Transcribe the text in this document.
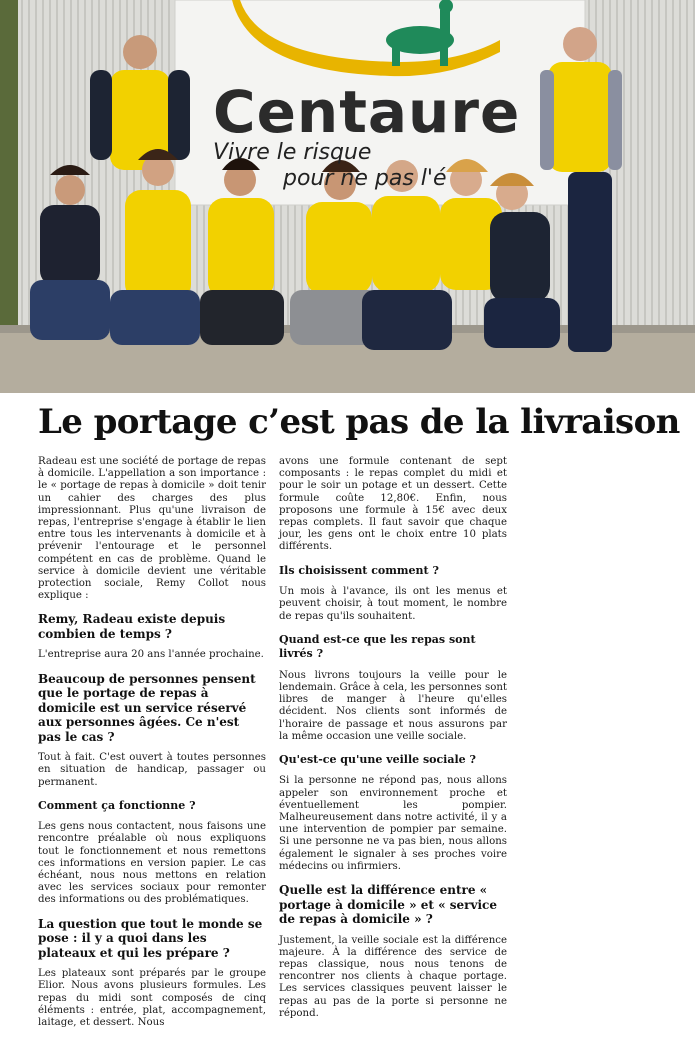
Centaure
Vivre le risque
pour ne pas l'é
Le portage c’est pas de la livraison

Radeau est une société de portage de repas à domicile. L'appellation a son importance : le « portage de repas à domicile » doit tenir un cahier des charges des plus impressionnant. Plus qu'une livraison de repas, l'entreprise s'engage à établir le lien entre tous les intervenants à domicile et à prévenir l'entourage et le personnel compétent en cas de problème. Quand le service à domicile devient une véritable protection sociale, Remy Collot nous explique :

Remy, Radeau existe depuis combien de temps ?

L'entreprise aura 20 ans l'année prochaine.

Beaucoup de personnes pensent que le portage de repas à domicile est un service réservé aux personnes âgées. Ce n'est pas le cas ?

Tout à fait. C'est ouvert à toutes personnes en situation de handicap, passager ou permanent.

Comment ça fonctionne ?

Les gens nous contactent, nous faisons une rencontre préalable où nous expliquons tout le fonctionnement et nous remettons ces informations en version papier. Le cas échéant, nous nous mettons en relation avec les services sociaux pour remonter des informations ou des problématiques.

La question que tout le monde se pose : il y a quoi dans les plateaux et qui les prépare ?

Les plateaux sont préparés par le groupe Elior. Nous avons plusieurs formules. Les repas du midi sont composés de cinq éléments : entrée, plat, accompagnement, laitage, et dessert. Nous

avons une formule contenant de sept composants : le repas complet du midi et pour le soir un potage et un dessert. Cette formule coûte 12,80€. Enfin, nous proposons une formule à 15€ avec deux repas complets. Il faut savoir que chaque jour, les gens ont le choix entre 10 plats différents.

Ils choisissent comment ?

Un mois à l'avance, ils ont les menus et peuvent choisir, à tout moment, le nombre de repas qu'ils souhaitent.

Quand est-ce que les repas sont livrés ?

Nous livrons toujours la veille pour le lendemain. Grâce à cela, les personnes sont libres de manger à l'heure qu'elles décident. Nos clients sont informés de l'horaire de passage et nous assurons par la même occasion une veille sociale.

Qu'est-ce qu'une veille sociale ?

Si la personne ne répond pas, nous allons appeler son environnement proche et éventuellement les pompier. Malheureusement dans notre activité, il y a une intervention de pompier par semaine. Si une personne ne va pas bien, nous allons également le signaler à ses proches voire médecins ou infirmiers.

Quelle est la différence entre « portage à domicile » et « service de repas à domicile » ?

Justement, la veille sociale est la différence majeure. À la différence des service de repas classique, nous nous tenons de rencontrer nos clients à chaque portage. Les services classiques peuvent laisser le repas au pas de la porte si personne ne répond.
